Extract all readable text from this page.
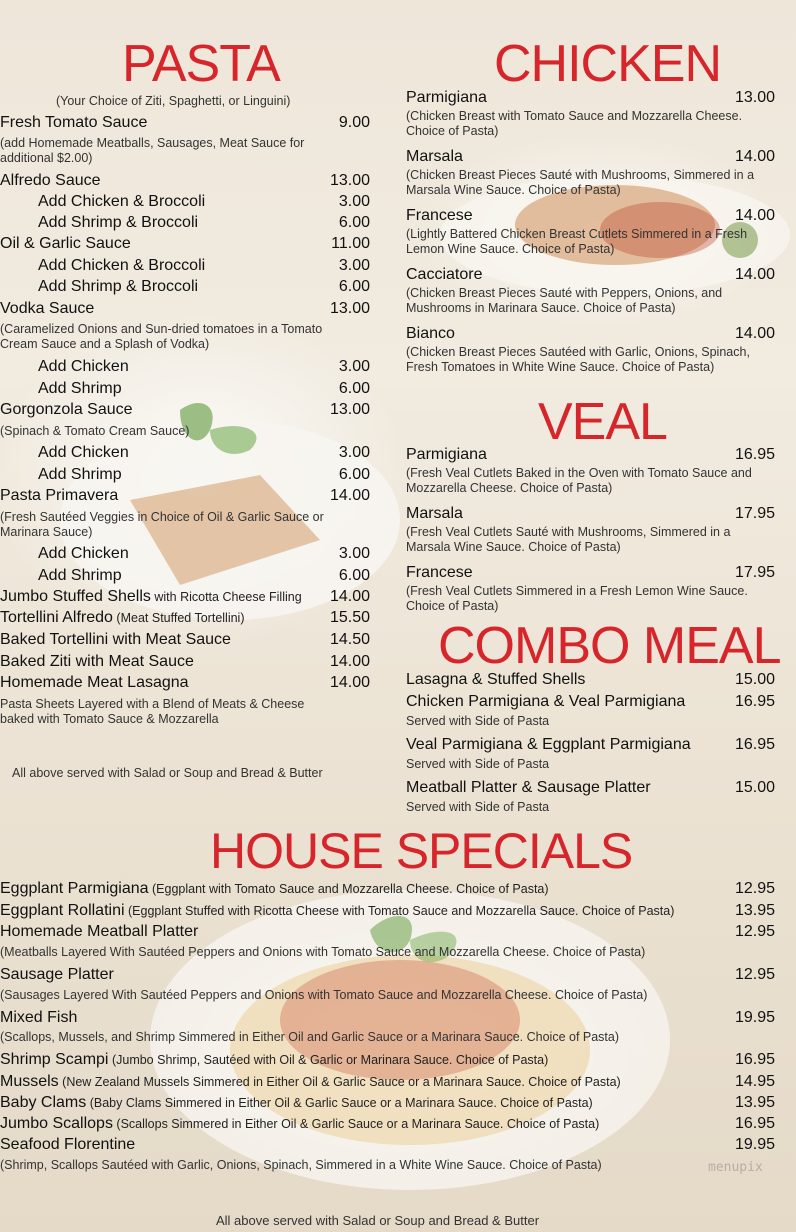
PASTA
(Your Choice of Ziti, Spaghetti, or Linguini)
Fresh Tomato Sauce	9.00
(add Homemade Meatballs, Sausages, Meat Sauce for additional $2.00)
Alfredo Sauce	13.00
Add Chicken & Broccoli	3.00
Add Shrimp & Broccoli	6.00
Oil & Garlic Sauce	11.00
Add Chicken & Broccoli	3.00
Add Shrimp & Broccoli	6.00
Vodka Sauce	13.00
(Caramelized Onions and Sun-dried tomatoes in a Tomato Cream Sauce and a Splash of Vodka)
Add Chicken	3.00
Add Shrimp	6.00
Gorgonzola Sauce	13.00
(Spinach & Tomato Cream Sauce)
Add Chicken	3.00
Add Shrimp	6.00
Pasta Primavera	14.00
(Fresh Sautéed Veggies in Choice of Oil & Garlic Sauce or Marinara Sauce)
Add Chicken	3.00
Add Shrimp	6.00
Jumbo Stuffed Shells with Ricotta Cheese Filling	14.00
Tortellini Alfredo (Meat Stuffed Tortellini)	15.50
Baked Tortellini with Meat Sauce	14.50
Baked Ziti with Meat Sauce	14.00
Homemade Meat Lasagna	14.00
Pasta Sheets Layered with a Blend of Meats & Cheese baked with Tomato Sauce & Mozzarella
All above served with Salad or Soup and Bread & Butter
CHICKEN
Parmigiana	13.00
(Chicken Breast with Tomato Sauce and Mozzarella Cheese. Choice of Pasta)
Marsala	14.00
(Chicken Breast Pieces Sauté with Mushrooms, Simmered in a Marsala Wine Sauce. Choice of Pasta)
Francese	14.00
(Lightly Battered Chicken Breast Cutlets Simmered in a Fresh Lemon Wine Sauce. Choice of Pasta)
Cacciatore	14.00
(Chicken Breast Pieces Sauté with Peppers, Onions, and Mushrooms in Marinara Sauce. Choice of Pasta)
Bianco	14.00
(Chicken Breast Pieces Sautéed with Garlic, Onions, Spinach, Fresh Tomatoes in White Wine Sauce. Choice of Pasta)
VEAL
Parmigiana	16.95
(Fresh Veal Cutlets Baked in the Oven with Tomato Sauce and Mozzarella Cheese. Choice of Pasta)
Marsala	17.95
(Fresh Veal Cutlets Sauté with Mushrooms, Simmered in a Marsala Wine Sauce. Choice of Pasta)
Francese	17.95
(Fresh Veal Cutlets Simmered in a Fresh Lemon Wine Sauce. Choice of Pasta)
COMBO MEAL
Lasagna & Stuffed Shells	15.00
Chicken Parmigiana & Veal Parmigiana	16.95
Served with Side of Pasta
Veal Parmigiana & Eggplant Parmigiana	16.95
Served with Side of Pasta
Meatball Platter & Sausage Platter	15.00
Served with Side of Pasta
HOUSE SPECIALS
Eggplant Parmigiana (Eggplant with Tomato Sauce and Mozzarella Cheese. Choice of Pasta)	12.95
Eggplant Rollatini (Eggplant Stuffed with Ricotta Cheese with Tomato Sauce and Mozzarella Sauce. Choice of Pasta)	13.95
Homemade Meatball Platter	12.95
(Meatballs Layered With Sautéed Peppers and Onions with Tomato Sauce and Mozzarella Cheese. Choice of Pasta)
Sausage Platter	12.95
(Sausages Layered With Sautéed Peppers and Onions with Tomato Sauce and Mozzarella Cheese. Choice of Pasta)
Mixed Fish	19.95
(Scallops, Mussels, and Shrimp Simmered in Either Oil and Garlic Sauce or a Marinara Sauce. Choice of Pasta)
Shrimp Scampi (Jumbo Shrimp, Sautéed with Oil & Garlic or Marinara Sauce. Choice of Pasta)	16.95
Mussels (New Zealand Mussels Simmered in Either Oil & Garlic Sauce or a Marinara Sauce. Choice of Pasta)	14.95
Baby Clams (Baby Clams Simmered in Either Oil & Garlic Sauce or a Marinara Sauce. Choice of Pasta)	13.95
Jumbo Scallops (Scallops Simmered in Either Oil & Garlic Sauce or a Marinara Sauce. Choice of Pasta)	16.95
Seafood Florentine	19.95
(Shrimp, Scallops Sautéed with Garlic, Onions, Spinach, Simmered in a White Wine Sauce. Choice of Pasta)
All above served with Salad or Soup and Bread & Butter
menupix
